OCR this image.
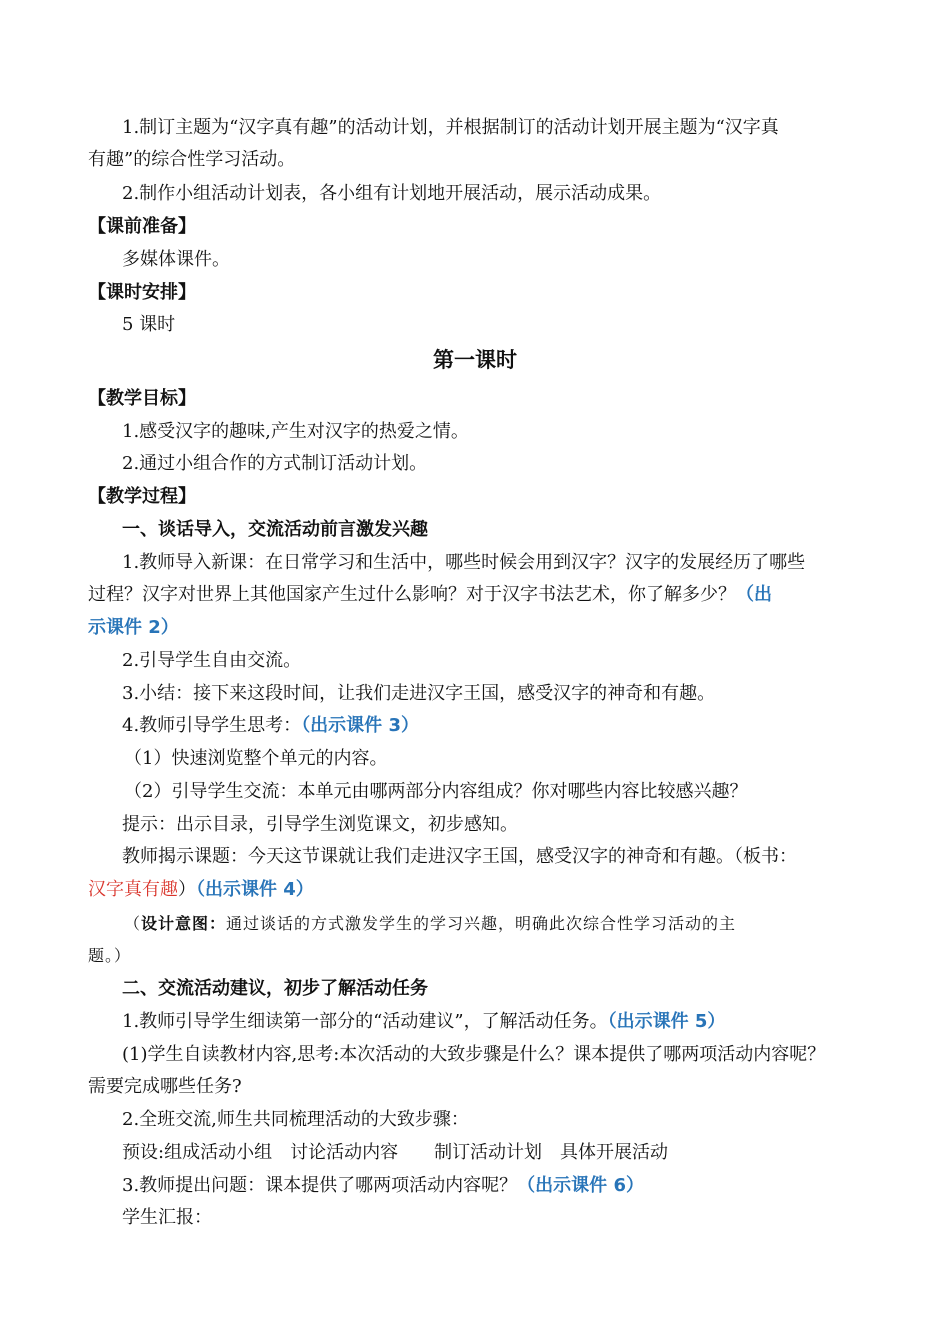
1.制订主题为“汉字真有趣”的活动计划，并根据制订的活动计划开展主题为“汉字真
有趣”的综合性学习活动。
2.制作小组活动计划表，各小组有计划地开展活动，展示活动成果。
【课前准备】
多媒体课件。
【课时安排】
5 课时
第一课时
【教学目标】
1.感受汉字的趣味,产生对汉字的热爱之情。
2.通过小组合作的方式制订活动计划。
【教学过程】
一、谈话导入，交流活动前言激发兴趣
1.教师导入新课：在日常学习和生活中，哪些时候会用到汉字？汉字的发展经历了哪些
过程？汉字对世界上其他国家产生过什么影响？对于汉字书法艺术，你了解多少？（出
示课件 2）
2.引导学生自由交流。
3.小结：接下来这段时间，让我们走进汉字王国，感受汉字的神奇和有趣。
4.教师引导学生思考：（出示课件 3）
（1）快速浏览整个单元的内容。
（2）引导学生交流：本单元由哪两部分内容组成？你对哪些内容比较感兴趣？
提示：出示目录，引导学生浏览课文，初步感知。
教师揭示课题：今天这节课就让我们走进汉字王国，感受汉字的神奇和有趣。（板书：
汉字真有趣）（出示课件 4）
（设计意图：通过谈话的方式激发学生的学习兴趣，明确此次综合性学习活动的主
题。）
二、交流活动建议，初步了解活动任务
1.教师引导学生细读第一部分的“活动建议”，了解活动任务。（出示课件 5）
(1)学生自读教材内容,思考:本次活动的大致步骤是什么？课本提供了哪两项活动内容呢？
需要完成哪些任务?
2.全班交流,师生共同梳理活动的大致步骤：
预设:组成活动小组　讨论活动内容　　制订活动计划　具体开展活动
3.教师提出问题：课本提供了哪两项活动内容呢？（出示课件 6）
学生汇报：
